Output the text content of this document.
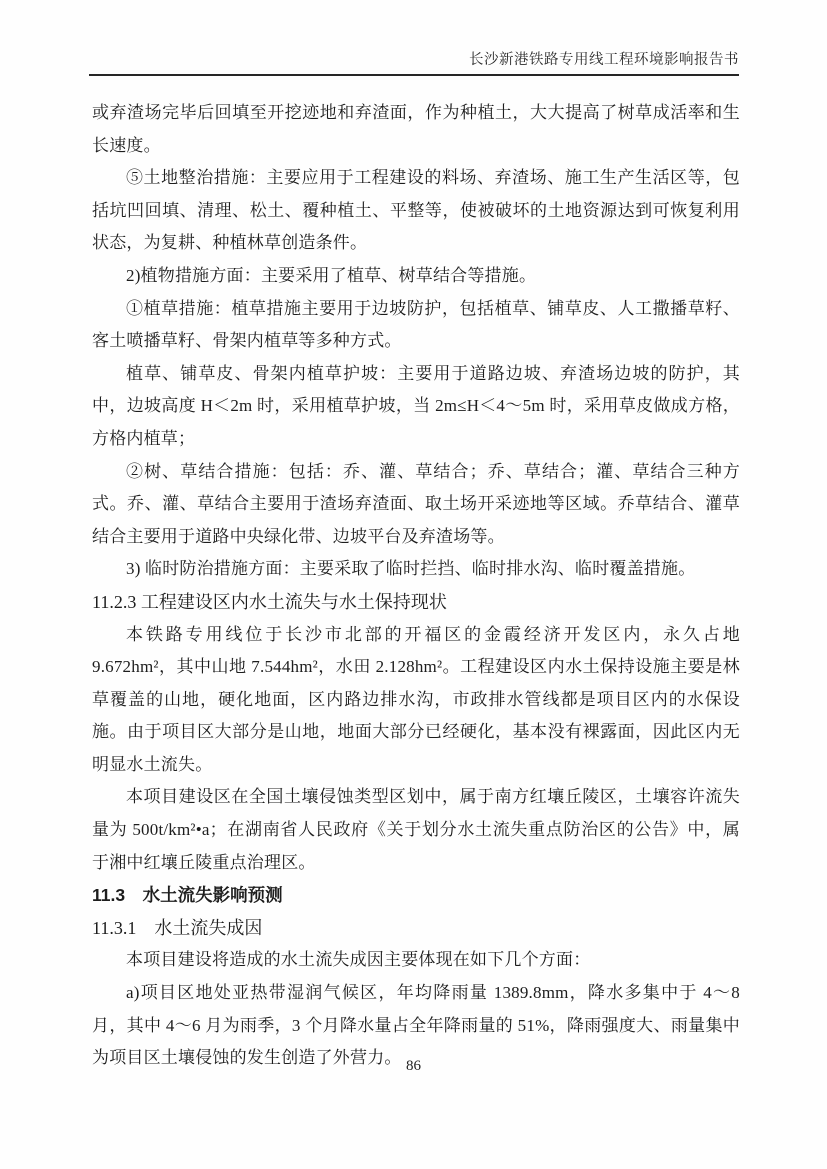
长沙新港铁路专用线工程环境影响报告书

或弃渣场完毕后回填至开挖迹地和弃渣面，作为种植土，大大提高了树草成活率和生长速度。

⑤土地整治措施：主要应用于工程建设的料场、弃渣场、施工生产生活区等，包括坑凹回填、清理、松土、覆种植土、平整等，使被破坏的土地资源达到可恢复利用状态，为复耕、种植林草创造条件。

2)植物措施方面：主要采用了植草、树草结合等措施。

①植草措施：植草措施主要用于边坡防护，包括植草、铺草皮、人工撒播草籽、客土喷播草籽、骨架内植草等多种方式。

植草、铺草皮、骨架内植草护坡：主要用于道路边坡、弃渣场边坡的防护，其中，边坡高度 H＜2m 时，采用植草护坡，当 2m≤H＜4～5m 时，采用草皮做成方格，方格内植草；

②树、草结合措施：包括：乔、灌、草结合；乔、草结合；灌、草结合三种方式。乔、灌、草结合主要用于渣场弃渣面、取土场开采迹地等区域。乔草结合、灌草结合主要用于道路中央绿化带、边坡平台及弃渣场等。

3) 临时防治措施方面：主要采取了临时拦挡、临时排水沟、临时覆盖措施。

11.2.3 工程建设区内水土流失与水土保持现状

本铁路专用线位于长沙市北部的开福区的金霞经济开发区内，永久占地 9.672hm²，其中山地 7.544hm²，水田 2.128hm²。工程建设区内水土保持设施主要是林草覆盖的山地，硬化地面，区内路边排水沟，市政排水管线都是项目区内的水保设施。由于项目区大部分是山地，地面大部分已经硬化，基本没有裸露面，因此区内无明显水土流失。

本项目建设区在全国土壤侵蚀类型区划中，属于南方红壤丘陵区，土壤容许流失量为 500t/km²•a；在湖南省人民政府《关于划分水土流失重点防治区的公告》中，属于湘中红壤丘陵重点治理区。

11.3　水土流失影响预测
11.3.1　水土流失成因

本项目建设将造成的水土流失成因主要体现在如下几个方面：

a)项目区地处亚热带湿润气候区，年均降雨量 1389.8mm，降水多集中于 4～8 月，其中 4～6 月为雨季，3 个月降水量占全年降雨量的 51%，降雨强度大、雨量集中为项目区土壤侵蚀的发生创造了外营力。 86
